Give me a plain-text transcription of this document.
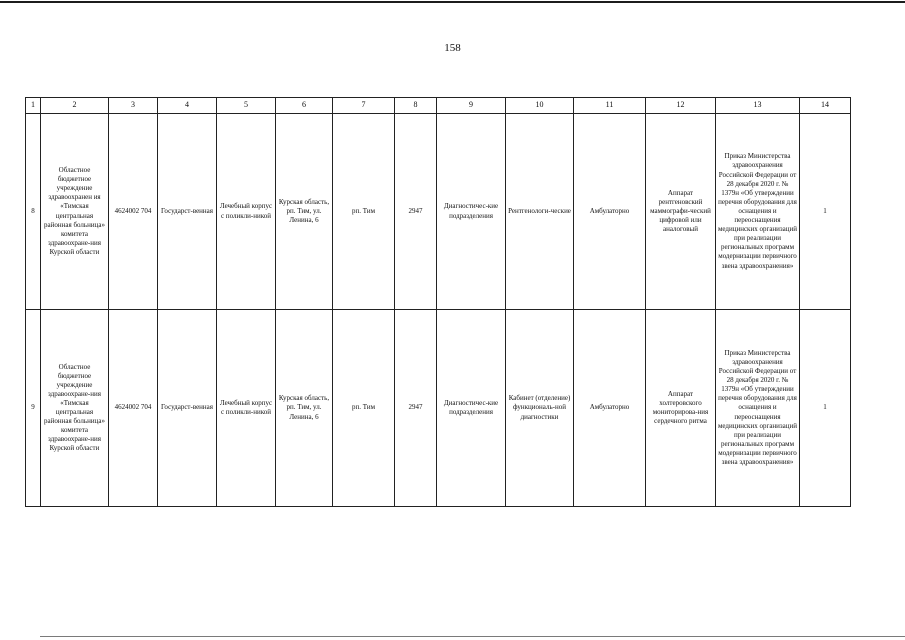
158
1	2	3	4	5	6	7	8	9	10	11	12	13	14
8	Областное бюджетное учреждение здравоохранен ия «Тимская центральная районная больница» комитета здравоохране-ния Курской области	4624002 704	Государст-венная	Лечебный корпус с поликли-никой	Курская область, рп. Тим, ул. Ленина, 6	рп. Тим	2947	Диагностичес-кие подразделения	Рентгенологи-ческие	Амбулаторно	Аппарат рентгеновский маммографи-ческий цифровой или аналоговый	Приказ Министерства здравоохранения Российской Федерации от 28 декабря 2020 г. № 1379н «Об утверждении перечня оборудования для оснащения и переоснащения медицинских организаций при реализации региональных программ модернизации первичного звена здравоохранения»	1
9	Областное бюджетное учреждение здравоохране-ния «Тимская центральная районная больница» комитета здравоохране-ния Курской области	4624002 704	Государст-венная	Лечебный корпус с поликли-никой	Курская область, рп. Тим, ул. Ленина, 6	рп. Тим	2947	Диагностичес-кие подразделения	Кабинет (отделение) функциональ-ной диагностики	Амбулаторно	Аппарат холтеровского мониторирова-ния сердечного ритма	Приказ Министерства здравоохранения Российской Федерации от 28 декабря 2020 г. № 1379н «Об утверждении перечня оборудования для оснащения и переоснащения медицинских организаций при реализации региональных программ модернизации первичного звена здравоохранения»	1
